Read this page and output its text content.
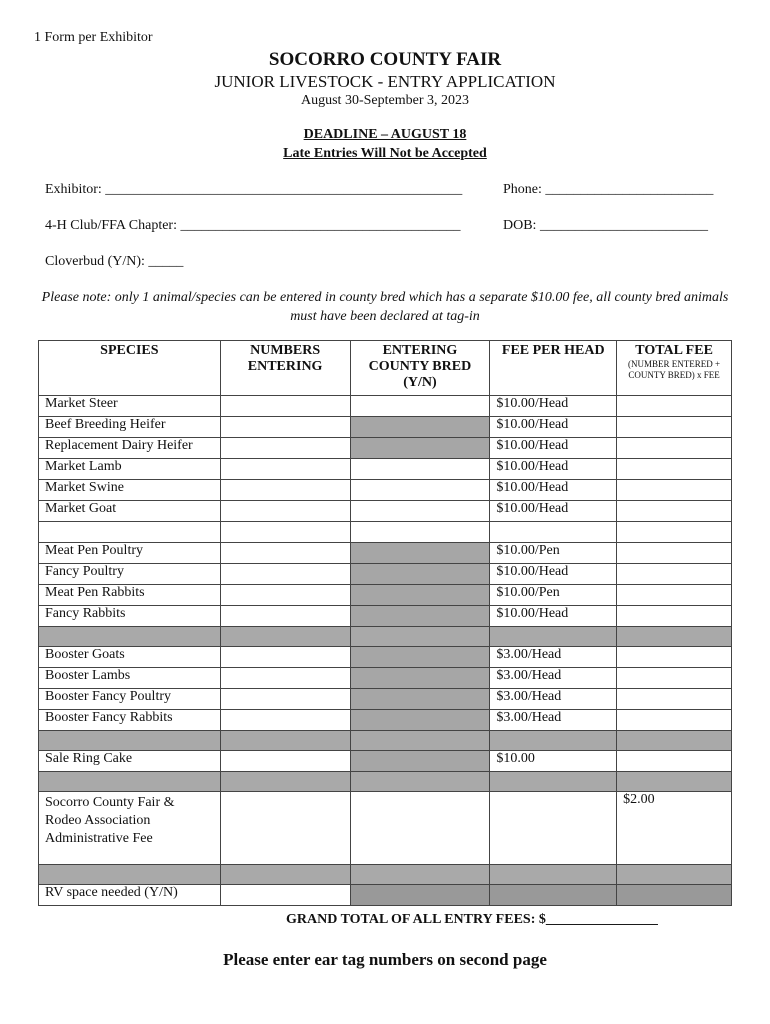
1 Form per Exhibitor
SOCORRO COUNTY FAIR
JUNIOR LIVESTOCK - ENTRY APPLICATION
August 30-September 3, 2023
DEADLINE – AUGUST 18
Late Entries Will Not be Accepted
Exhibitor: ___________________________________________________	Phone: ________________________
4-H Club/FFA Chapter: ________________________________________	DOB: ________________________
Cloverbud (Y/N): _____
Please note: only 1 animal/species can be entered in county bred which has a separate $10.00 fee, all county bred animals must have been declared at tag-in
SPECIES	NUMBERS ENTERING	ENTERING COUNTY BRED (Y/N)	FEE PER HEAD	TOTAL FEE
(NUMBER ENTERED + COUNTY BRED) x FEE

Market Steer			$10.00/Head	
Beef Breeding Heifer			$10.00/Head	
Replacement Dairy Heifer			$10.00/Head	
Market Lamb			$10.00/Head	
Market Swine			$10.00/Head	
Market Goat			$10.00/Head	

Meat Pen Poultry			$10.00/Pen	
Fancy Poultry			$10.00/Head	
Meat Pen Rabbits			$10.00/Pen	
Fancy Rabbits			$10.00/Head	

Booster Goats			$3.00/Head	
Booster Lambs			$3.00/Head	
Booster Fancy Poultry			$3.00/Head	
Booster Fancy Rabbits			$3.00/Head	

Sale Ring Cake			$10.00	

Socorro County Fair & Rodeo Association Administrative Fee				$2.00

RV space needed (Y/N)				
GRAND TOTAL OF ALL ENTRY FEES: $________________
Please enter ear tag numbers on second page
